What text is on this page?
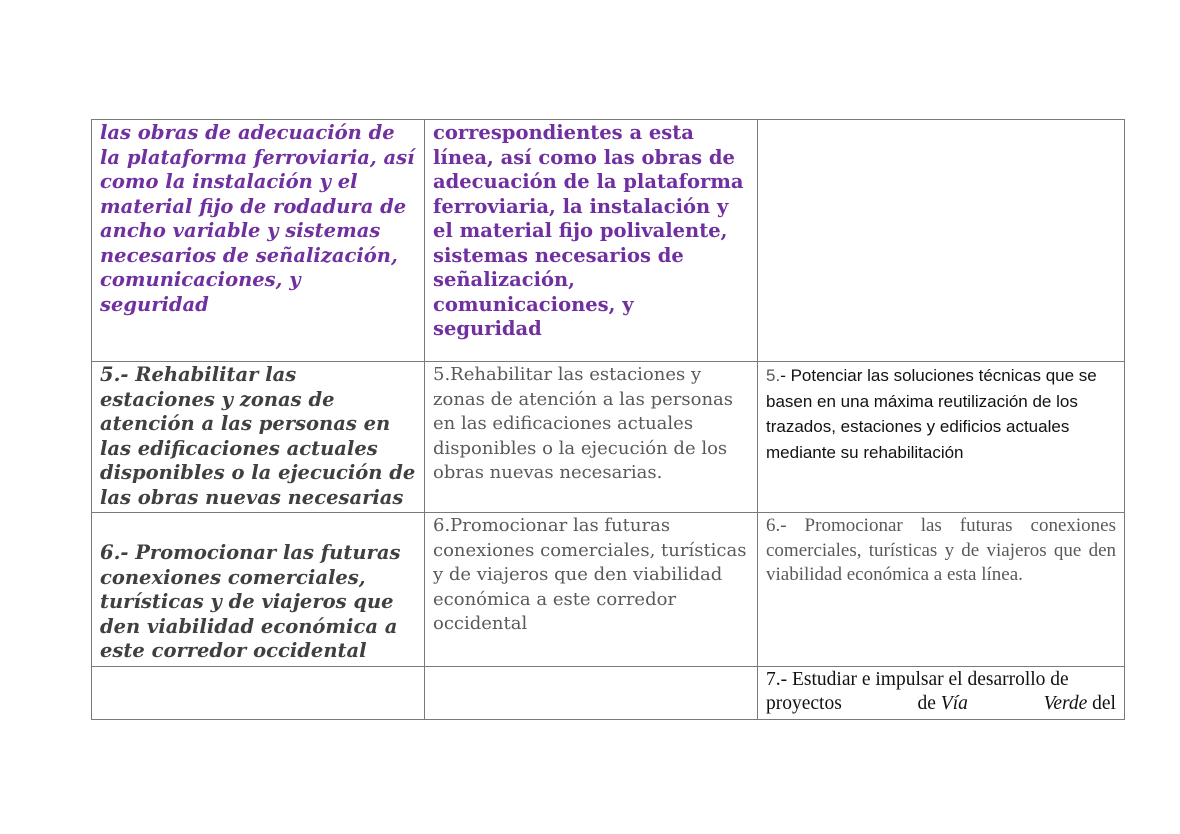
las obras de adecuación de la plataforma ferroviaria, así como la instalación y el material fijo de rodadura de ancho variable y sistemas necesarios de señalización, comunicaciones, y seguridad	correspondientes a esta línea, así como las obras de adecuación de la plataforma ferroviaria, la instalación y el material fijo polivalente, sistemas necesarios de señalización, comunicaciones, y seguridad	

5.- Rehabilitar las estaciones y zonas de atención a las personas en las edificaciones actuales disponibles o la ejecución de las obras nuevas necesarias	5.Rehabilitar las estaciones y zonas de atención a las personas en las edificaciones actuales disponibles o la ejecución de los obras nuevas necesarias.	5.- Potenciar las soluciones técnicas que se basen en una máxima reutilización de los trazados, estaciones y edificios actuales mediante su rehabilitación

6.- Promocionar las futuras conexiones comerciales, turísticas y de viajeros que den viabilidad económica a este corredor occidental	6.Promocionar las futuras conexiones comerciales, turísticas y de viajeros que den viabilidad económica a este corredor occidental	6.- Promocionar las futuras conexiones comerciales, turísticas y de viajeros que den viabilidad económica a esta línea.

		7.- Estudiar e impulsar el desarrollo de
proyectos de Vía Verde del
